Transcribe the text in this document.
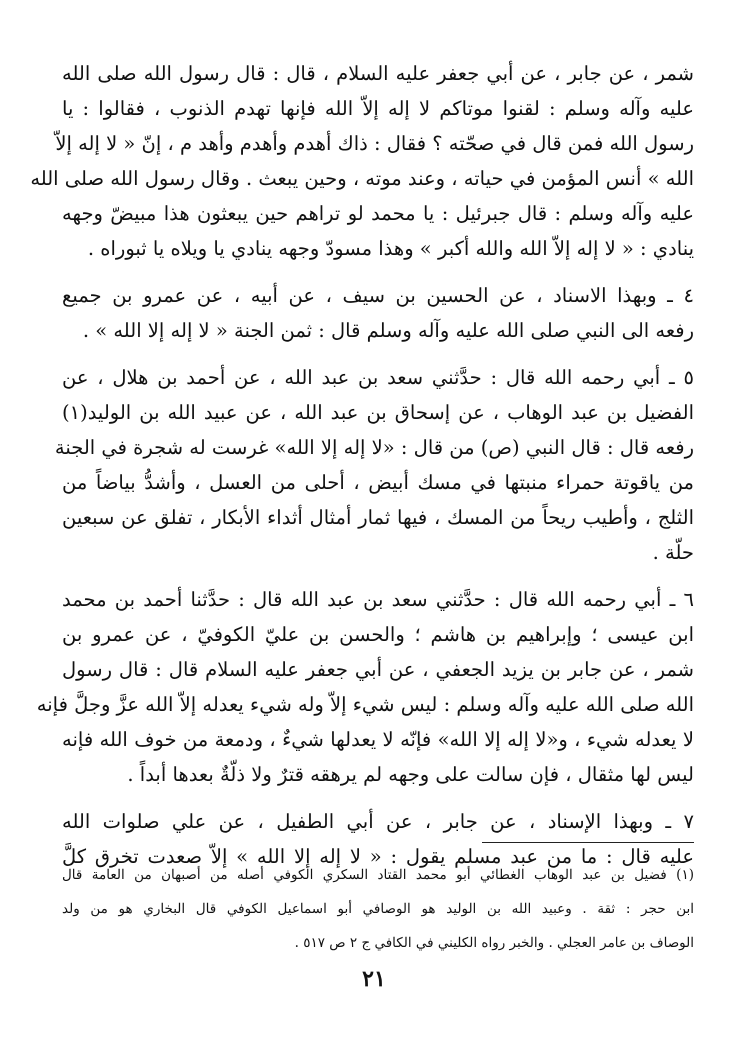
شمر ، عن جابر ، عن أبي جعفر عليه السلام ، قال : قال رسول الله صلى الله
عليه وآله وسلم : لقنوا موتاكم لا إله إلاّ الله فإنها تهدم الذنوب ، فقالوا : يا
رسول الله فمن قال في صحّته ؟ فقال : ذاك أهدم وأهدم وأهد م ، إنّ « لا إله إلاّ
الله » أنس المؤمن في حياته ، وعند موته ، وحين يبعث . وقال رسول الله صلى الله
عليه وآله وسلم : قال جبرئيل : يا محمد لو تراهم حين يبعثون هذا مبيضّ وجهه
ينادي : « لا إله إلاّ الله والله أكبر » وهذا مسودّ وجهه ينادي يا ويلاه يا ثبوراه .
٤ ـ وبهذا الاسناد ، عن الحسين بن سيف ، عن أبيه ، عن عمرو بن جميع
رفعه الى النبي صلى الله عليه وآله وسلم قال : ثمن الجنة « لا إله إلا الله » .
٥ ـ أبي رحمه الله قال : حدَّثني سعد بن عبد الله ، عن أحمد بن هلال ، عن
الفضيل بن عبد الوهاب ، عن إسحاق بن عبد الله ، عن عبيد الله بن الوليد(١)
رفعه قال : قال النبي (ص) من قال : «لا إله إلا الله» غرست له شجرة في الجنة
من ياقوتة حمراء منبتها في مسك أبيض ، أحلى من العسل ، وأشدُّ بياضاً من
الثلج ، وأطيب ريحاً من المسك ، فيها ثمار أمثال أثداء الأبكار ، تفلق عن سبعين
حلّة .
٦ ـ أبي رحمه الله قال : حدَّثني سعد بن عبد الله قال : حدَّثنا أحمد بن محمد
ابن عيسى ؛ وإبراهيم بن هاشم ؛ والحسن بن عليّ الكوفيّ ، عن عمرو بن
شمر ، عن جابر بن يزيد الجعفي ، عن أبي جعفر عليه السلام قال : قال رسول
الله صلى الله عليه وآله وسلم : ليس شيء إلاّ وله شيء يعدله إلاّ الله عزَّ وجلَّ فإنه
لا يعدله شيء ، و«لا إله إلا الله» فإنّه لا يعدلها شيءٌ ، ودمعة من خوف الله فإنه
ليس لها مثقال ، فإن سالت على وجهه لم يرهقه قترٌ ولا ذلّةٌ بعدها أبداً .
٧ ـ وبهذا الإسناد ، عن جابر ، عن أبي الطفيل ، عن علي صلوات الله
عليه قال : ما من عبد مسلم يقول : « لا إله إلا الله » إلاّ صعدت تخرق كلَّ
(١) فضيل بن عبد الوهاب الغطائي أبو محمد القتاد السكري الكوفي أصله من أصبهان من العامة قال
ابن حجر : ثقة . وعبيد الله بن الوليد هو الوصافي أبو اسماعيل الكوفي قال البخاري هو من ولد
الوصاف بن عامر العجلي . والخبر رواه الكليني في الكافي ج ٢ ص ٥١٧ .
٢١
